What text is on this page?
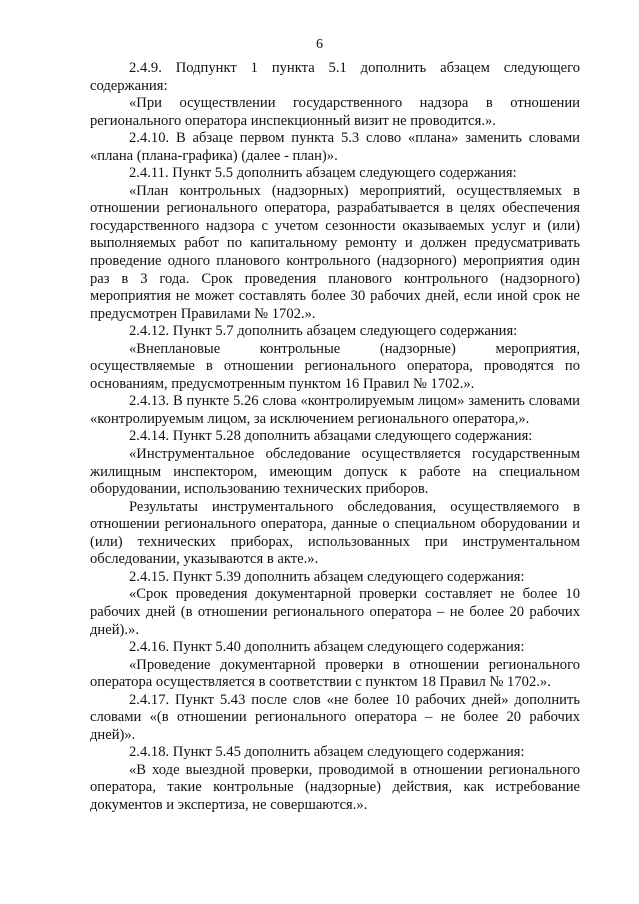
6

2.4.9. Подпункт 1 пункта 5.1 дополнить абзацем следующего содержания:

«При осуществлении государственного надзора в отношении регионального оператора инспекционный визит не проводится.».

2.4.10. В абзаце первом пункта 5.3 слово «плана» заменить словами «плана (плана-графика) (далее - план)».

2.4.11. Пункт 5.5 дополнить абзацем следующего содержания:

«План контрольных (надзорных) мероприятий, осуществляемых в отношении регионального оператора, разрабатывается в целях обеспечения государственного надзора с учетом сезонности оказываемых услуг и (или) выполняемых работ по капитальному ремонту и должен предусматривать проведение одного планового контрольного (надзорного) мероприятия один раз в 3 года. Срок проведения планового контрольного (надзорного) мероприятия не может составлять более 30 рабочих дней, если иной срок не предусмотрен Правилами № 1702.».

2.4.12. Пункт 5.7 дополнить абзацем следующего содержания:

«Внеплановые контрольные (надзорные) мероприятия, осуществляемые в отношении регионального оператора, проводятся по основаниям, предусмотренным пунктом 16 Правил № 1702.».

2.4.13. В пункте 5.26 слова «контролируемым лицом» заменить словами «контролируемым лицом, за исключением регионального оператора,».

2.4.14. Пункт 5.28 дополнить абзацами следующего содержания:

«Инструментальное обследование осуществляется государственным жилищным инспектором, имеющим допуск к работе на специальном оборудовании, использованию технических приборов.

Результаты инструментального обследования, осуществляемого в отношении регионального оператора, данные о специальном оборудовании и (или) технических приборах, использованных при инструментальном обследовании, указываются в акте.».

2.4.15. Пункт 5.39 дополнить абзацем следующего содержания:

«Срок проведения документарной проверки составляет не более 10 рабочих дней (в отношении регионального оператора – не более 20 рабочих дней).».

2.4.16. Пункт 5.40 дополнить абзацем следующего содержания:

«Проведение документарной проверки в отношении регионального оператора осуществляется в соответствии с пунктом 18 Правил № 1702.».

2.4.17. Пункт 5.43 после слов «не более 10 рабочих дней» дополнить словами «(в отношении регионального оператора – не более 20 рабочих дней)».

2.4.18. Пункт 5.45 дополнить абзацем следующего содержания:

«В ходе выездной проверки, проводимой в отношении регионального оператора, такие контрольные (надзорные) действия, как истребование документов и экспертиза, не совершаются.».
